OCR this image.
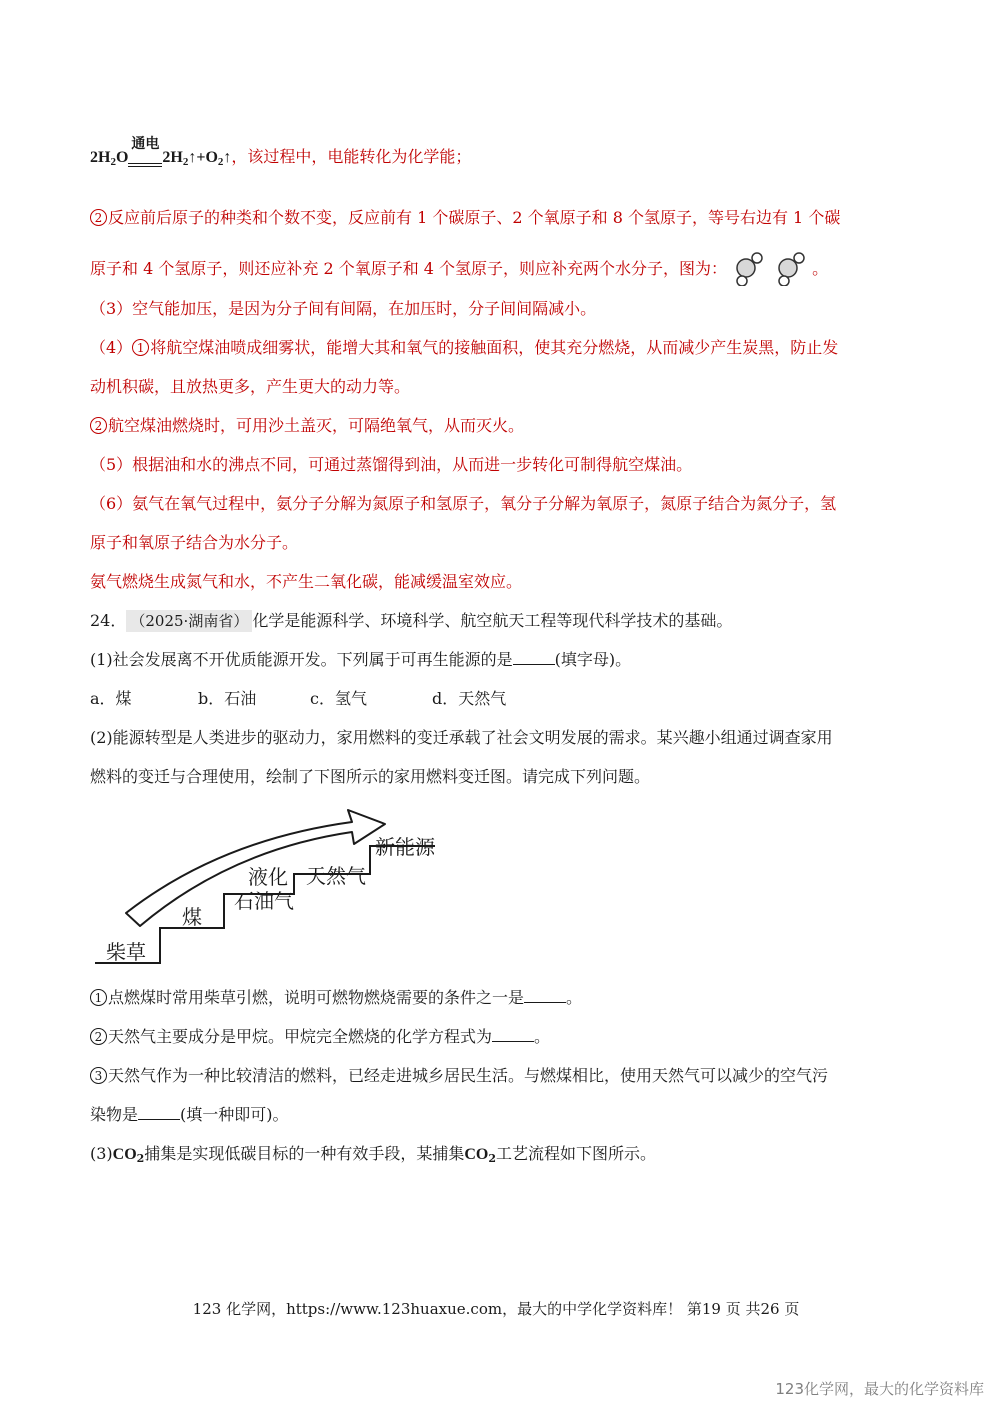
$2H_2O$
通电
$2H_2↑+O_2↑$，该过程中，电能转化为化学能；
2 反应前后原子的种类和个数不变，反应前有 1 个碳原子、2 个氧原子和 8 个氢原子，等号右边有 1 个碳
原子和 4 个氢原子，则还应补充 2 个氧原子和 4 个氢原子，则应补充两个水分子，图为：	。
（3）空气能加压，是因为分子间有间隔，在加压时，分子间间隔减小。
（4） 1 将航空煤油喷成细雾状，能增大其和氧气的接触面积，使其充分燃烧，从而减少产生炭黑，防止发
动机积碳，且放热更多，产生更大的动力等。
2 航空煤油燃烧时，可用沙土盖灭，可隔绝氧气，从而灭火。
（5）根据油和水的沸点不同，可通过蒸馏得到油，从而进一步转化可制得航空煤油。
（6）氨气在氧气过程中，氨分子分解为氮原子和氢原子，氧分子分解为氧原子，氮原子结合为氮分子，氢
原子和氧原子结合为水分子。
氨气燃烧生成氮气和水，不产生二氧化碳，能减缓温室效应。
24． （2025·湖南省） 化学是能源科学、环境科学、航空航天工程等现代科学技术的基础。
(1)社会发展离不开优质能源开发。下列属于可再生能源的是	(填字母)。
a．煤	b．石油	c．氢气	d．天然气
(2)能源转型是人类进步的驱动力，家用燃料的变迁承载了社会文明发展的需求。某兴趣小组通过调查家用
燃料的变迁与合理使用，绘制了下图所示的家用燃料变迁图。请完成下列问题。
柴草
煤
液化
石油气
天然气
新能源
1 点燃煤时常用柴草引燃，说明可燃物燃烧需要的条件之一是	。
2 天然气主要成分是甲烷。甲烷完全燃烧的化学方程式为	。
3 天然气作为一种比较清洁的燃料，已经走进城乡居民生活。与燃煤相比，使用天然气可以减少的空气污
染物是	(填一种即可)。
$(3)CO_2$捕集是实现低碳目标的一种有效手段，某捕集$CO_2$工艺流程如下图所示。
123 化学网，https://www.123huaxue.com，最大的中学化学资料库！ 第19 页 共26 页
123化学网，最大的化学资料库
